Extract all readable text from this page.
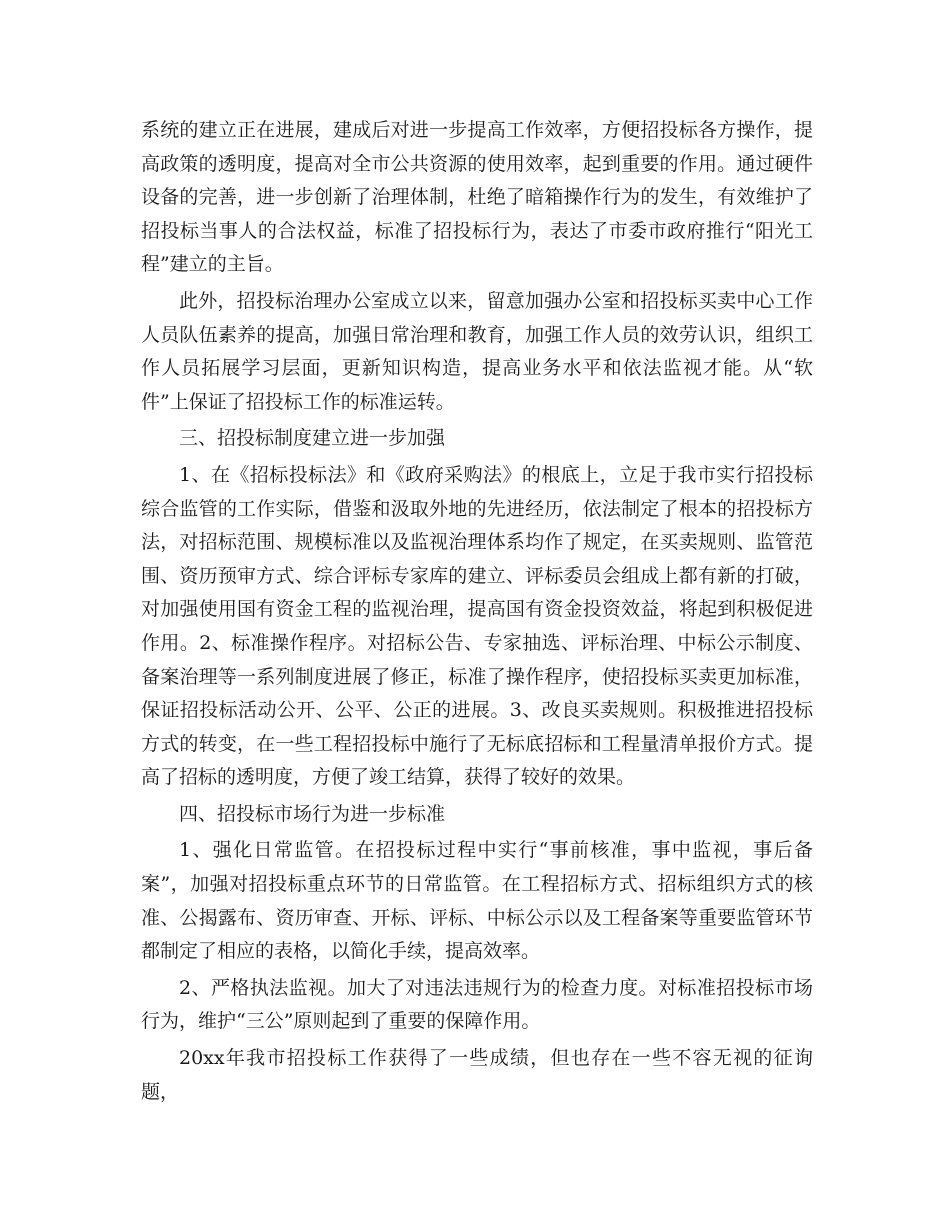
系统的建立正在进展，建成后对进一步提高工作效率，方便招投标各方操作，提高政策的透明度，提高对全市公共资源的使用效率，起到重要的作用。通过硬件设备的完善，进一步创新了治理体制，杜绝了暗箱操作行为的发生，有效维护了招投标当事人的合法权益，标准了招投标行为，表达了市委市政府推行“阳光工程”建立的主旨。

此外，招投标治理办公室成立以来，留意加强办公室和招投标买卖中心工作人员队伍素养的提高，加强日常治理和教育，加强工作人员的效劳认识，组织工作人员拓展学习层面，更新知识构造，提高业务水平和依法监视才能。从“软件”上保证了招投标工作的标准运转。

三、招投标制度建立进一步加强

1、在《招标投标法》和《政府采购法》的根底上，立足于我市实行招投标综合监管的工作实际，借鉴和汲取外地的先进经历，依法制定了根本的招投标方法，对招标范围、规模标准以及监视治理体系均作了规定，在买卖规则、监管范围、资历预审方式、综合评标专家库的建立、评标委员会组成上都有新的打破，对加强使用国有资金工程的监视治理，提高国有资金投资效益，将起到积极促进作用。2、标准操作程序。对招标公告、专家抽选、评标治理、中标公示制度、备案治理等一系列制度进展了修正，标准了操作程序，使招投标买卖更加标准，保证招投标活动公开、公平、公正的进展。3、改良买卖规则。积极推进招投标方式的转变，在一些工程招投标中施行了无标底招标和工程量清单报价方式。提高了招标的透明度，方便了竣工结算，获得了较好的效果。

四、招投标市场行为进一步标准

1、强化日常监管。在招投标过程中实行“事前核准，事中监视，事后备案”，加强对招投标重点环节的日常监管。在工程招标方式、招标组织方式的核准、公揭露布、资历审查、开标、评标、中标公示以及工程备案等重要监管环节都制定了相应的表格，以简化手续，提高效率。

2、严格执法监视。加大了对违法违规行为的检查力度。对标准招投标市场行为，维护“三公”原则起到了重要的保障作用。

20xx年我市招投标工作获得了一些成绩，但也存在一些不容无视的征询题，
